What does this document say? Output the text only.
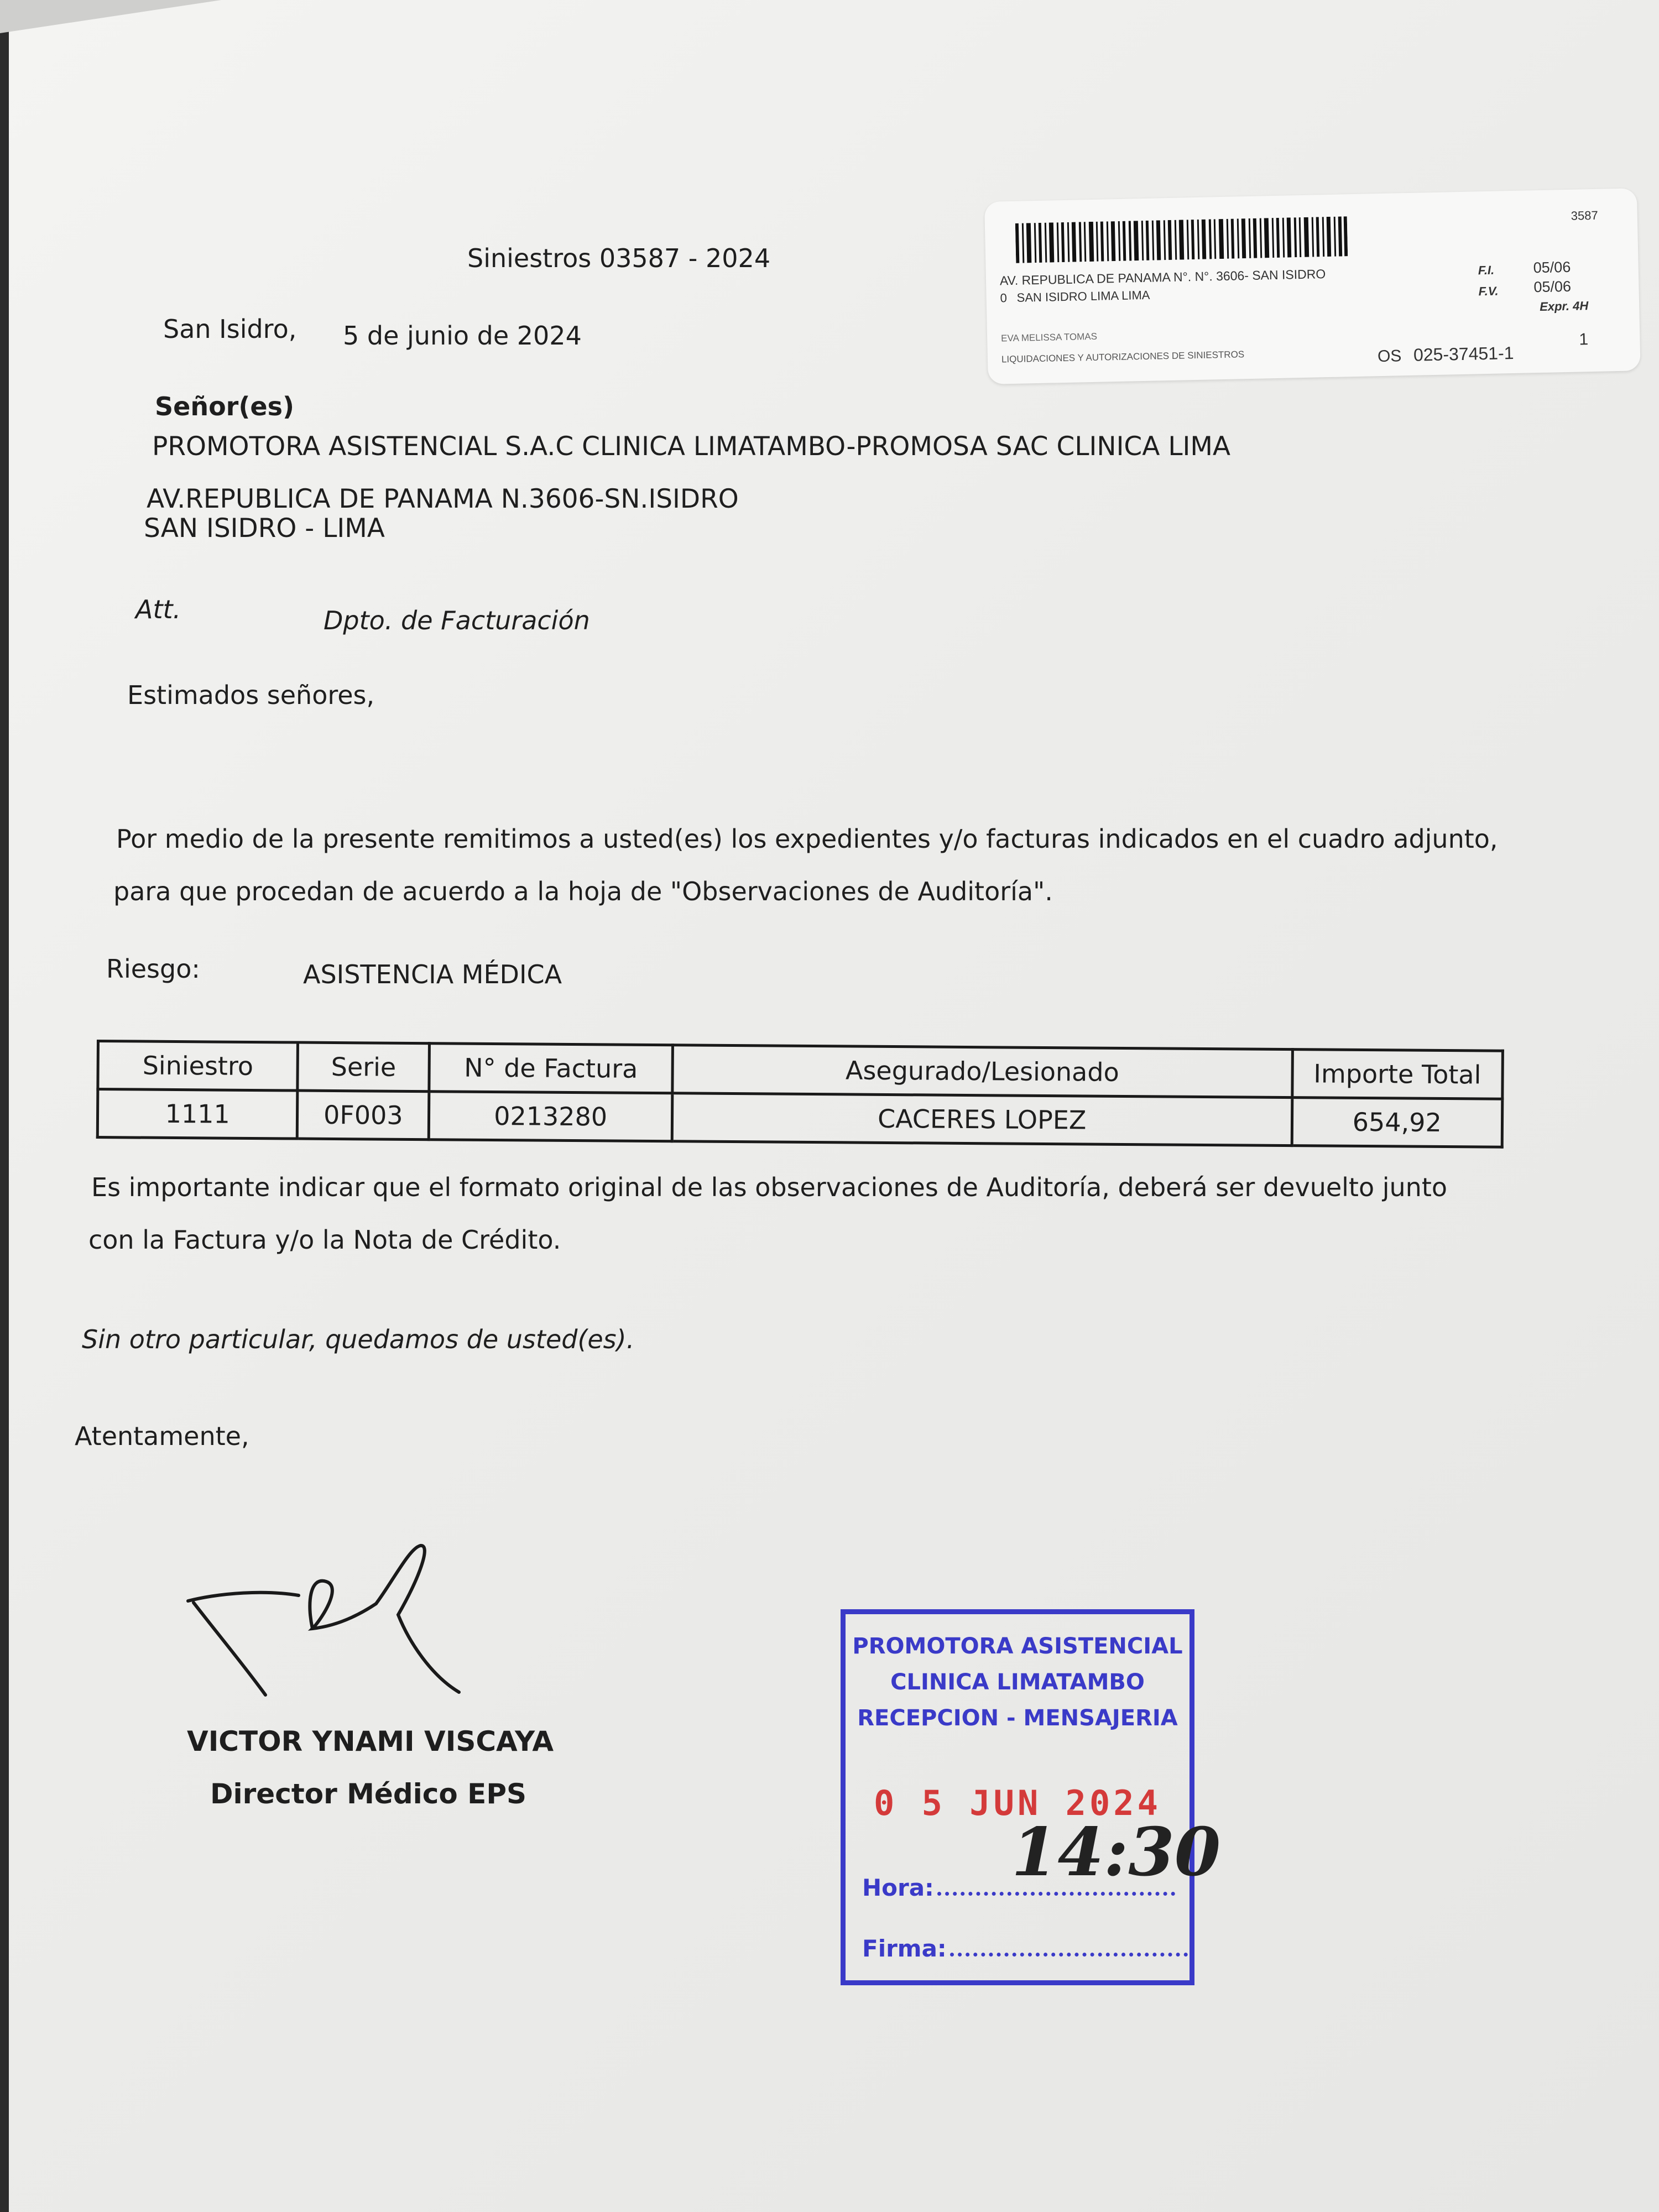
Siniestros 03587 - 2024
San Isidro, 5 de junio de 2024
3587
AV. REPUBLICA DE PANAMA N°. N°. 3606- SAN ISIDRO
0 SAN ISIDRO LIMA LIMA
F.I.	05/06
F.V. 05/06
Expr. 4H
EVA MELISSA TOMAS
LIQUIDACIONES Y AUTORIZACIONES DE SINIESTROS	OS 025-37451-1
1
Señor(es)
PROMOTORA ASISTENCIAL S.A.C CLINICA LIMATAMBO-PROMOSA SAC CLINICA LIMA
AV.REPUBLICA DE PANAMA N.3606-SN.ISIDRO
SAN ISIDRO - LIMA
Att.	Dpto. de Facturación
Estimados señores,
Por medio de la presente remitimos a usted(es) los expedientes y/o facturas indicados en el cuadro adjunto,
para que procedan de acuerdo a la hoja de "Observaciones de Auditoría".
Riesgo:	ASISTENCIA MÉDICA
Siniestro	Serie	N° de Factura	Asegurado/Lesionado	Importe Total
1111	0F003	0213280	CACERES LOPEZ	654,92
Es importante indicar que el formato original de las observaciones de Auditoría, deberá ser devuelto junto
con la Factura y/o la Nota de Crédito.
Sin otro particular, quedamos de usted(es).
Atentamente,
VICTOR YNAMI VISCAYA
Director Médico EPS
PROMOTORA ASISTENCIAL
CLINICA LIMATAMBO
RECEPCION - MENSAJERIA
0 5 JUN 2024
Hora:	14:30
Firma:
